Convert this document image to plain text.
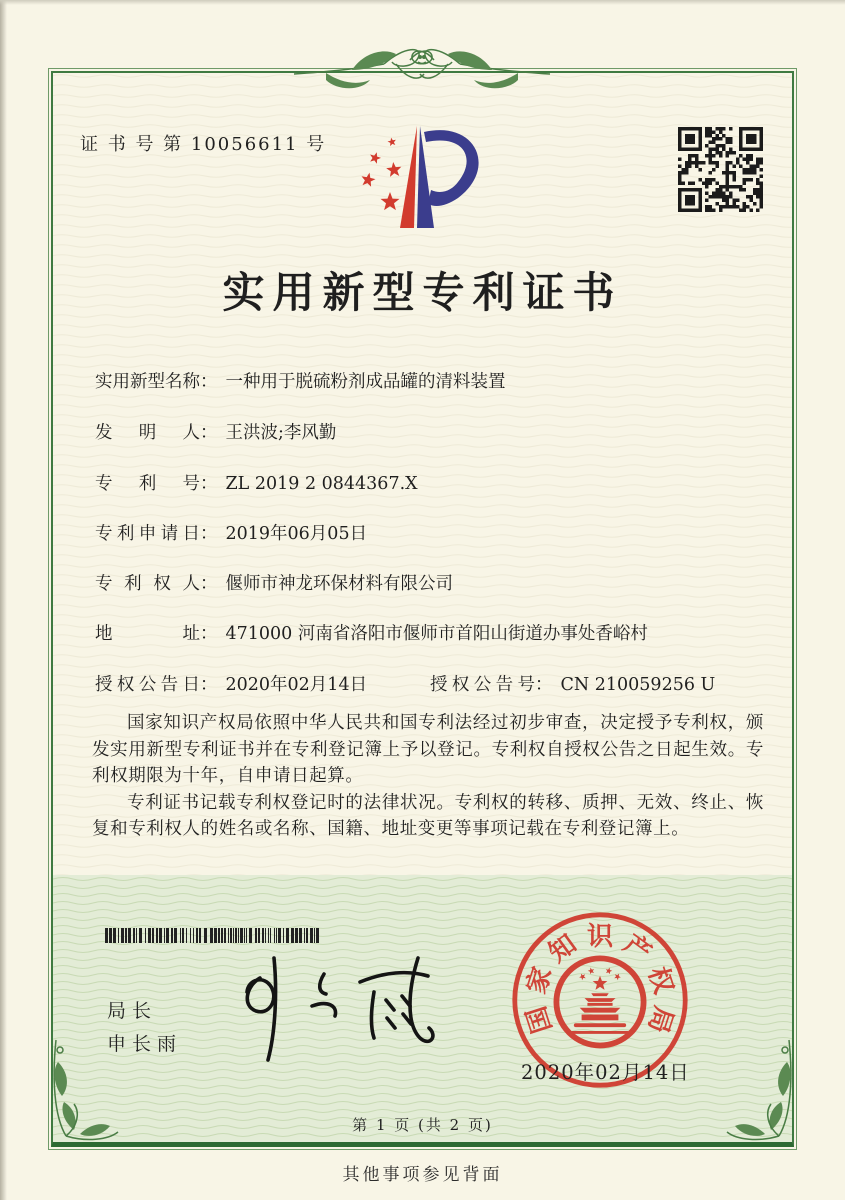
证 书 号 第 10056611 号
实用新型专利证书
实用新型名称： 一种用于脱硫粉剂成品罐的清料装置
发明人： 王洪波;李风勤
专利号： ZL 2019 2 0844367.X
专利申请日： 2019年06月05日
专利权人： 偃师市神龙环保材料有限公司
地址： 471000 河南省洛阳市偃师市首阳山街道办事处香峪村
授权公告日： 2020年02月14日	授权公告号： CN 210059256 U

国家知识产权局依照中华人民共和国专利法经过初步审查，决定授予专利权，颁发实用新型专利证书并在专利登记簿上予以登记。专利权自授权公告之日起生效。专利权期限为十年，自申请日起算。

专利证书记载专利权登记时的法律状况。专利权的转移、质押、无效、终止、恢复和专利权人的姓名或名称、国籍、地址变更等事项记载在专利登记簿上。

局长
申长雨
国
家
知 识 产
权
局
2020年02月14日
第 1 页 (共 2 页)
其他事项参见背面
